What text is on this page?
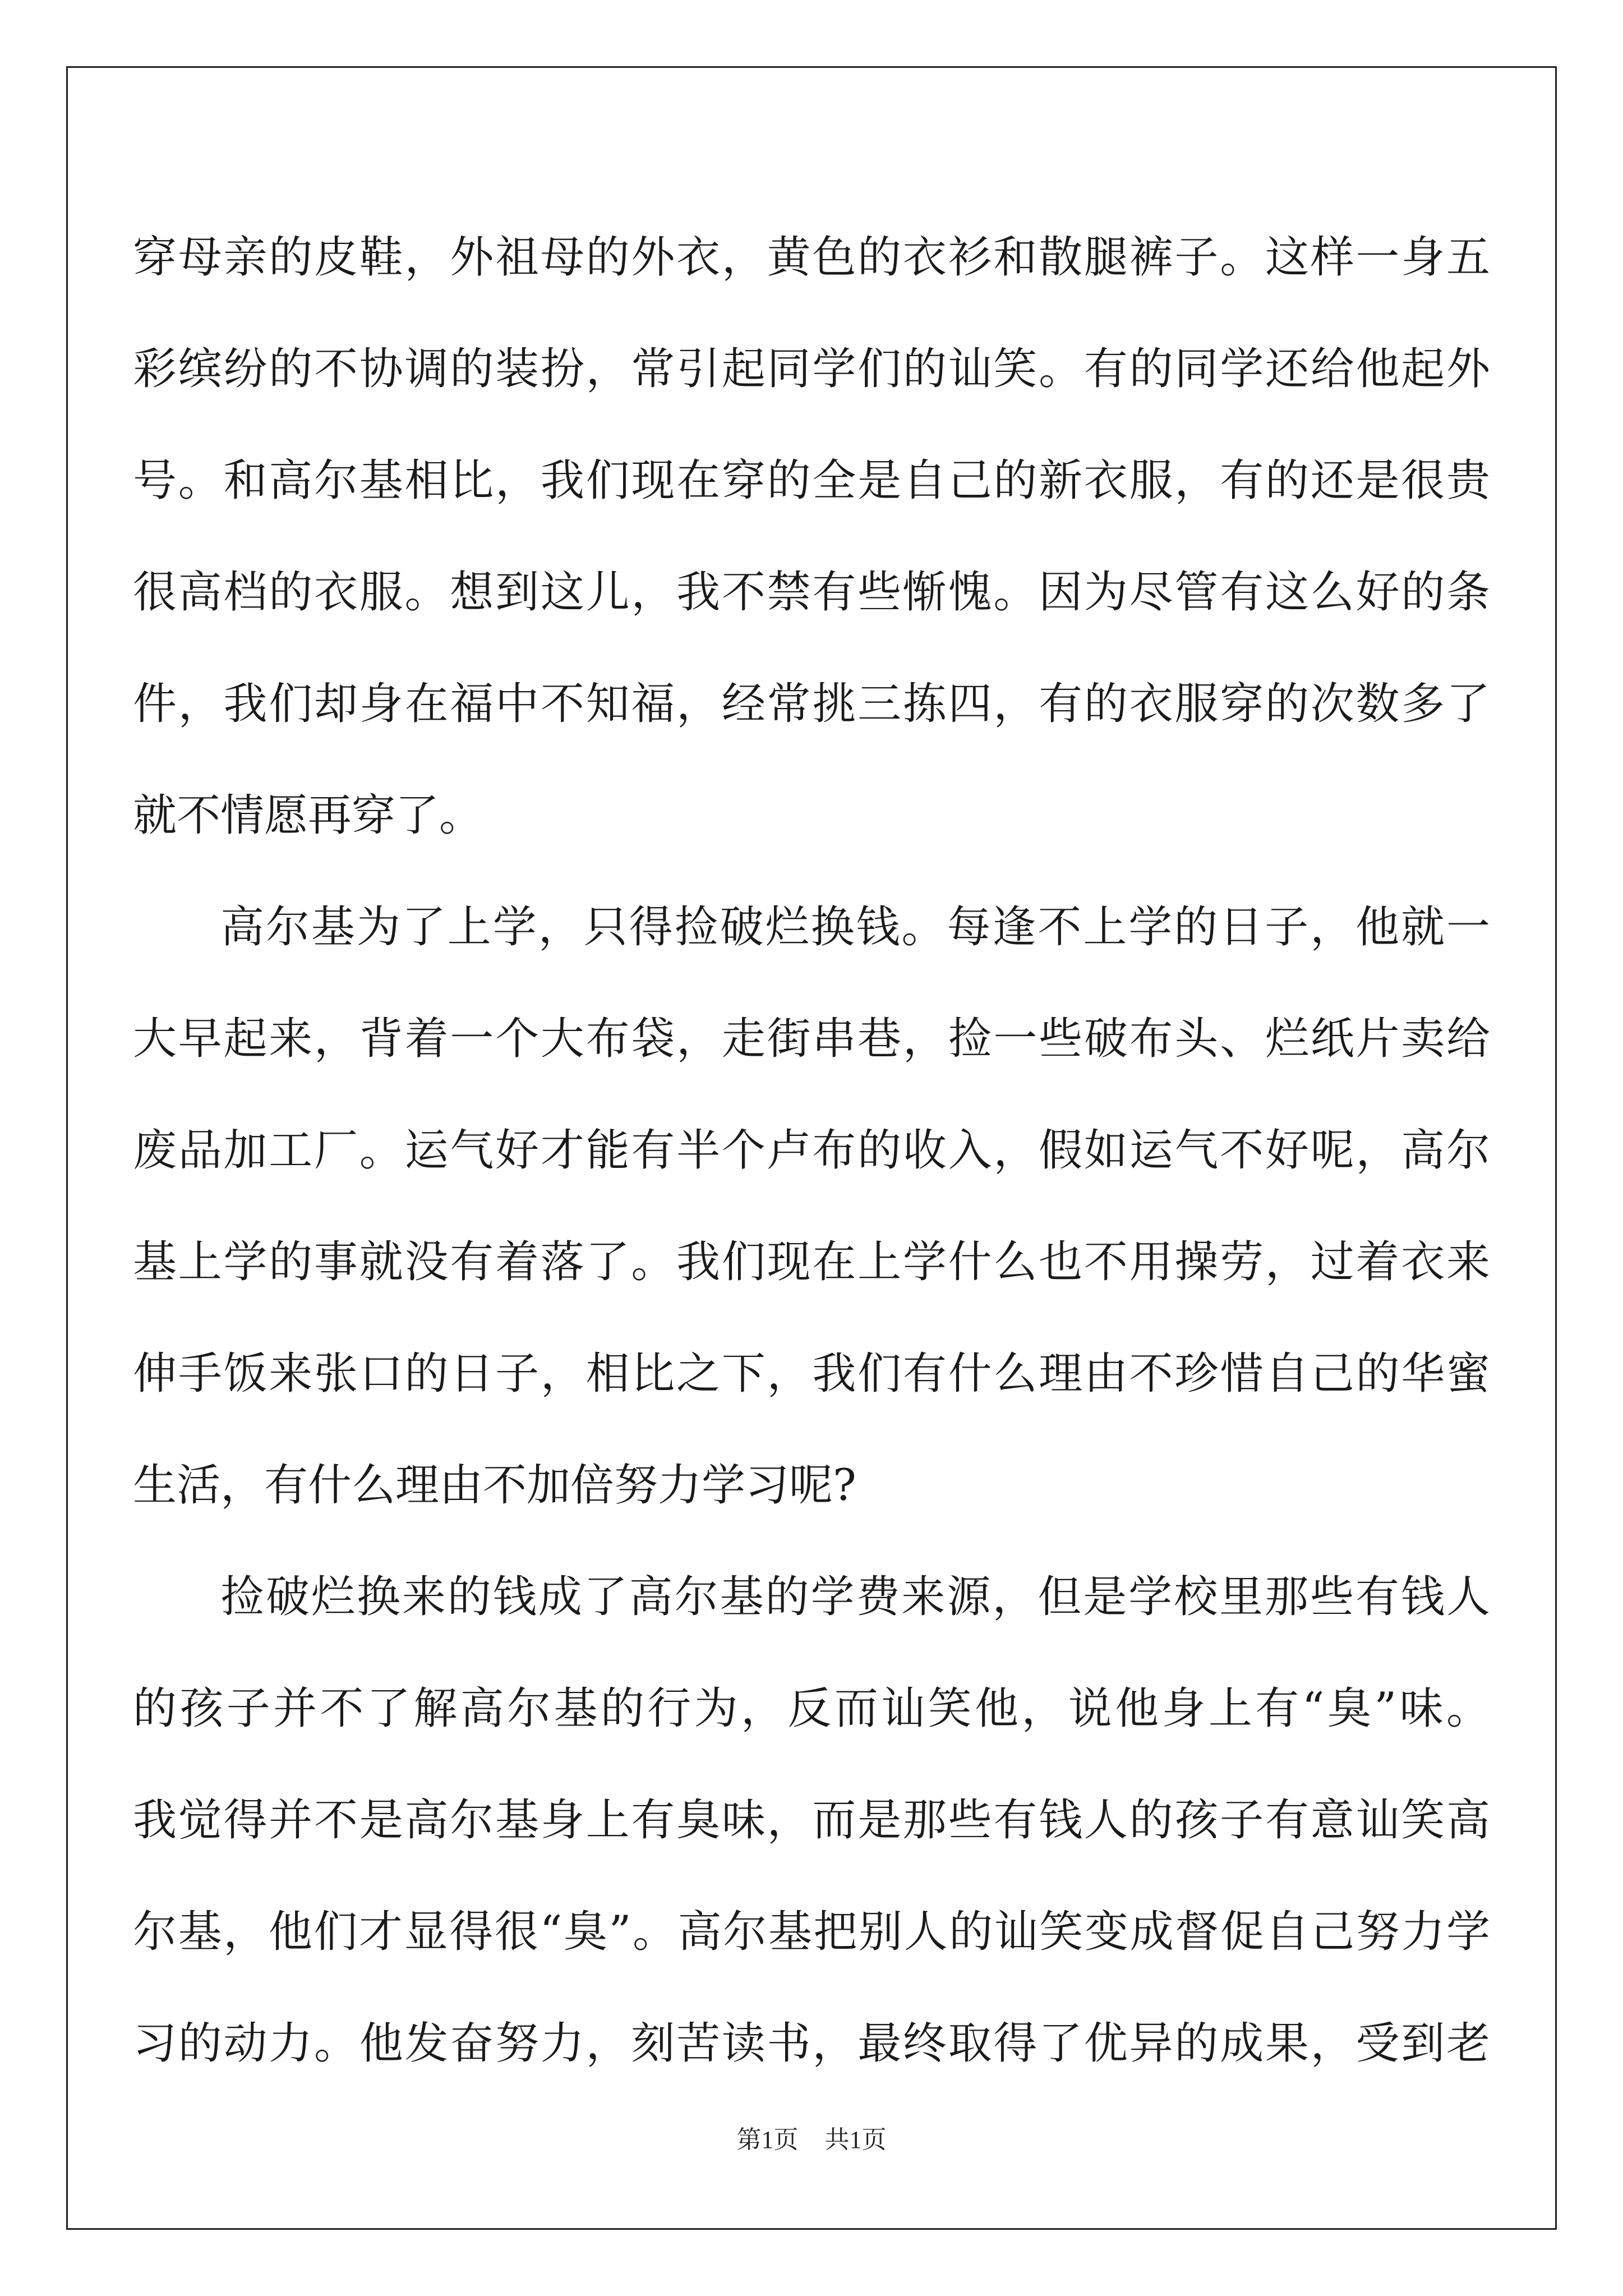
穿母亲的皮鞋，外祖母的外衣，黄色的衣衫和散腿裤子。这样一身五
彩缤纷的不协调的装扮，常引起同学们的讪笑。有的同学还给他起外
号。和高尔基相比，我们现在穿的全是自己的新衣服，有的还是很贵
很高档的衣服。想到这儿，我不禁有些惭愧。因为尽管有这么好的条
件，我们却身在福中不知福，经常挑三拣四，有的衣服穿的次数多了
就不情愿再穿了。
高尔基为了上学，只得捡破烂换钱。每逢不上学的日子，他就一
大早起来，背着一个大布袋，走街串巷，捡一些破布头、烂纸片卖给
废品加工厂。运气好才能有半个卢布的收入，假如运气不好呢，高尔
基上学的事就没有着落了。我们现在上学什么也不用操劳，过着衣来
伸手饭来张口的日子，相比之下，我们有什么理由不珍惜自己的华蜜
生活，有什么理由不加倍努力学习呢?
捡破烂换来的钱成了高尔基的学费来源，但是学校里那些有钱人
的孩子并不了解高尔基的行为，反而讪笑他，说他身上有“臭”味。
我觉得并不是高尔基身上有臭味，而是那些有钱人的孩子有意讪笑高
尔基，他们才显得很“臭”。高尔基把别人的讪笑变成督促自己努力学
习的动力。他发奋努力，刻苦读书，最终取得了优异的成果，受到老
第1页 共1页
